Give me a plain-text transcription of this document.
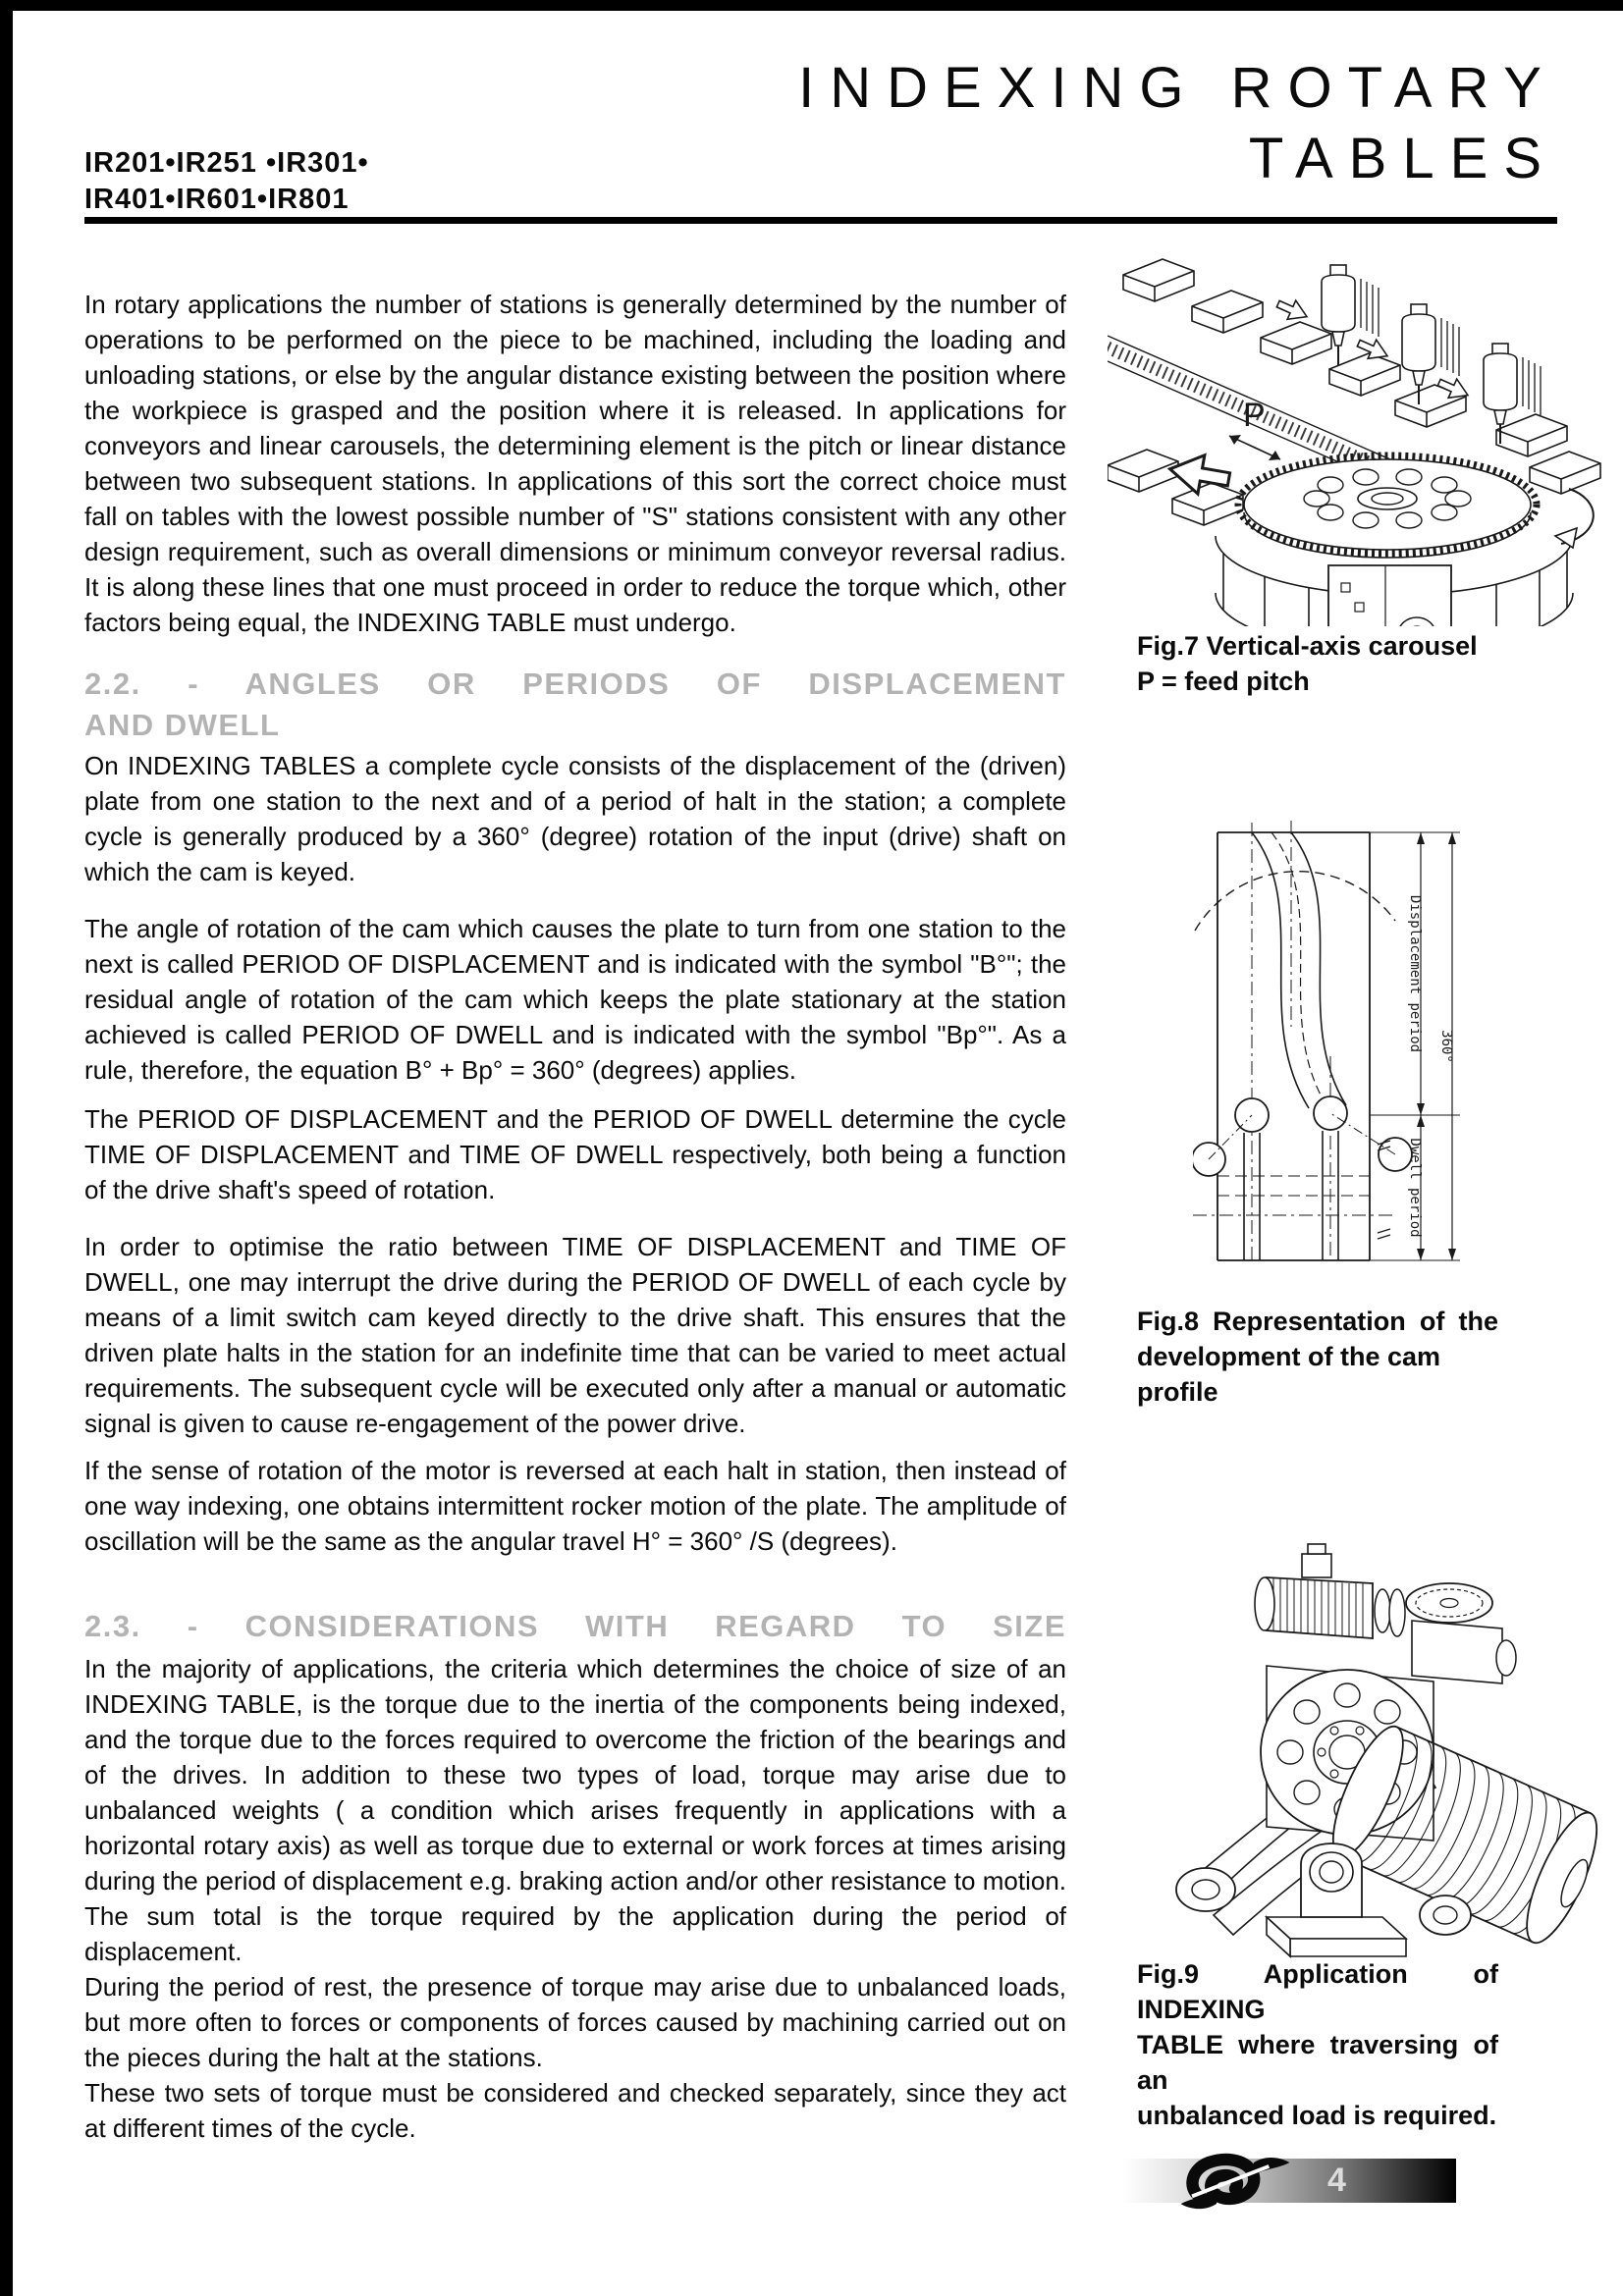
IR201•IR251 •IR301•
IR401•IR601•IR801
INDEXING ROTARY
TABLES
In rotary applications the number of stations is generally determined by the number of operations to be performed on the piece to be machined, including the loading and unloading stations, or else by the angular distance existing between the position where the workpiece is grasped and the position where it is released. In applications for conveyors and linear carousels, the determining element is the pitch or linear distance between two subsequent stations. In applications of this sort the correct choice must fall on tables with the lowest possible number of "S" stations consistent with any other design requirement, such as overall dimensions or minimum conveyor reversal radius. It is along these lines that one must proceed in order to reduce the torque which, other factors being equal, the INDEXING TABLE must undergo.
2.2. - ANGLES OR PERIODS OF DISPLACEMENT
AND DWELL
On INDEXING TABLES a complete cycle consists of the displacement of the (driven) plate from one station to the next and of a period of halt in the station; a complete cycle is generally produced by a 360° (degree) rotation of the input (drive) shaft on which the cam is keyed.
The angle of rotation of the cam which causes the plate to turn from one station to the next is called PERIOD OF DISPLACEMENT and is indicated with the symbol "B°"; the residual angle of rotation of the cam which keeps the plate stationary at the station achieved is called PERIOD OF DWELL and is indicated with the symbol "Bp°". As a rule, therefore, the equation B° + Bp° = 360° (degrees) applies.
The PERIOD OF DISPLACEMENT and the PERIOD OF DWELL determine the cycle TIME OF DISPLACEMENT and TIME OF DWELL respectively, both being a function of the drive shaft's speed of rotation.
In order to optimise the ratio between TIME OF DISPLACEMENT and TIME OF DWELL, one may interrupt the drive during the PERIOD OF DWELL of each cycle by means of a limit switch cam keyed directly to the drive shaft. This ensures that the driven plate halts in the station for an indefinite time that can be varied to meet actual requirements. The subsequent cycle will be executed only after a manual or automatic signal is given to cause re-engagement of the power drive.
If the sense of rotation of the motor is reversed at each halt in station, then instead of one way indexing, one obtains intermittent rocker motion of the plate. The amplitude of oscillation will be the same as the angular travel H° = 360° /S (degrees).
2.3. - CONSIDERATIONS WITH REGARD TO SIZE

In the majority of applications, the criteria which determines the choice of size of an INDEXING TABLE, is the torque due to the inertia of the components being indexed, and the torque due to the forces required to overcome the friction of the bearings and of the drives. In addition to these two types of load, torque may arise due to unbalanced weights ( a condition which arises frequently in applications with a horizontal rotary axis) as well as torque due to external or work forces at times arising during the period of displacement e.g. braking action and/or other resistance to motion. The sum total is the torque required by the application during the period of displacement.

During the period of rest, the presence of torque may arise due to unbalanced loads, but more often to forces or components of forces caused by machining carried out on the pieces during the halt at the stations.

These two sets of torque must be considered and checked separately, since they act at different times of the cycle.

P
Fig.7 Vertical-axis carousel
P = feed pitch
Displacement period
Dwell period
360°
Fig.8 Representation of the
development of the cam profile
Fig.9 Application of INDEXING
TABLE where traversing of an
unbalanced load is required.
4
